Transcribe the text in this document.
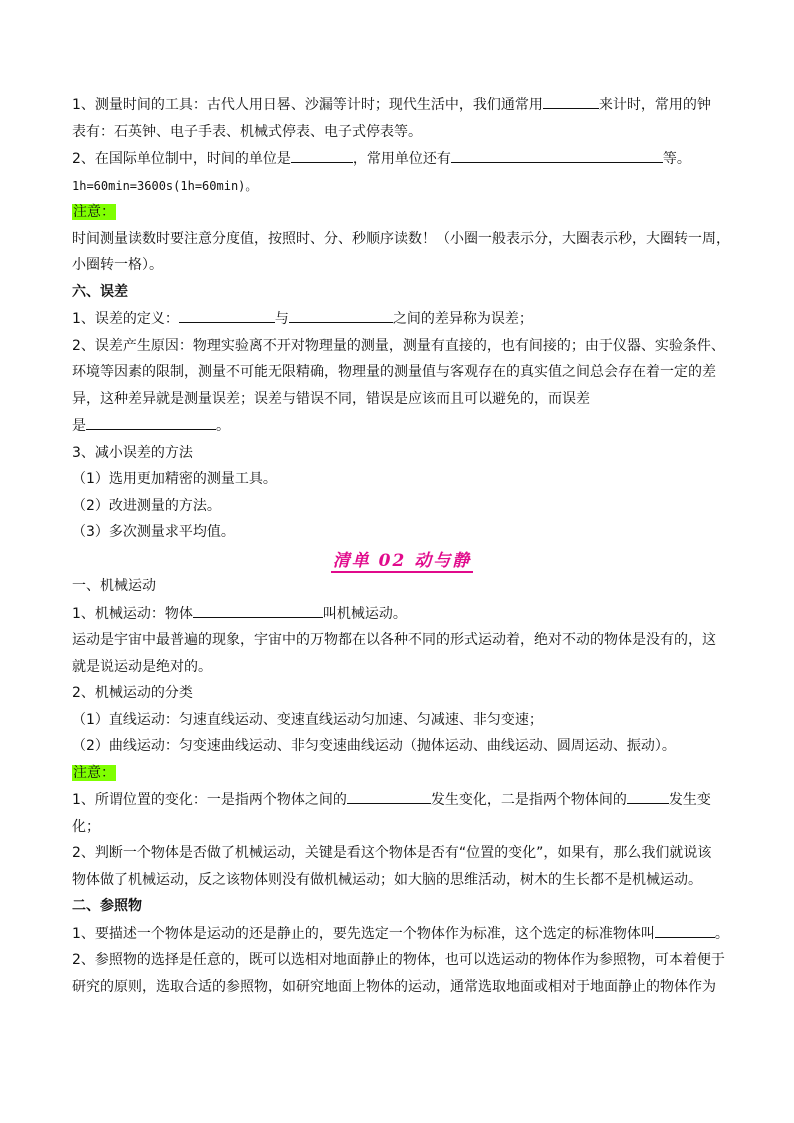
1、测量时间的工具：古代人用日晷、沙漏等计时；现代生活中，我们通常用	来计时，常用的钟

表有：石英钟、电子手表、机械式停表、电子式停表等。

2、在国际单位制中，时间的单位是	，常用单位还有	等。

1h=60min=3600s(1h=60min)。

注意：

时间测量读数时要注意分度值，按照时、分、秒顺序读数！（小圈一般表示分，大圈表示秒，大圈转一周，

小圈转一格）。

六、误差

1、误差的定义：	与	之间的差异称为误差；

2、误差产生原因：物理实验离不开对物理量的测量，测量有直接的，也有间接的；由于仪器、实验条件、

环境等因素的限制，测量不可能无限精确，物理量的测量值与客观存在的真实值之间总会存在着一定的差

异，这种差异就是测量误差；误差与错误不同，错误是应该而且可以避免的，而误差

是	。

3、减小误差的方法

（1）选用更加精密的测量工具。

（2）改进测量的方法。

（3）多次测量求平均值。

清单 02 动与静

一、机械运动

1、机械运动：物体	叫机械运动。

运动是宇宙中最普遍的现象，宇宙中的万物都在以各种不同的形式运动着，绝对不动的物体是没有的，这

就是说运动是绝对的。

2、机械运动的分类

（1）直线运动：匀速直线运动、变速直线运动匀加速、匀减速、非匀变速；

（2）曲线运动：匀变速曲线运动、非匀变速曲线运动（抛体运动、曲线运动、圆周运动、振动）。

注意：

1、所谓位置的变化：一是指两个物体之间的	发生变化，二是指两个物体间的	发生变

化；

2、判断一个物体是否做了机械运动，关键是看这个物体是否有“位置的变化”，如果有，那么我们就说该

物体做了机械运动，反之该物体则没有做机械运动；如大脑的思维活动，树木的生长都不是机械运动。

二、参照物

1、要描述一个物体是运动的还是静止的，要先选定一个物体作为标准，这个选定的标准物体叫	。

2、参照物的选择是任意的，既可以选相对地面静止的物体，也可以选运动的物体作为参照物，可本着便于

研究的原则，选取合适的参照物，如研究地面上物体的运动，通常选取地面或相对于地面静止的物体作为
